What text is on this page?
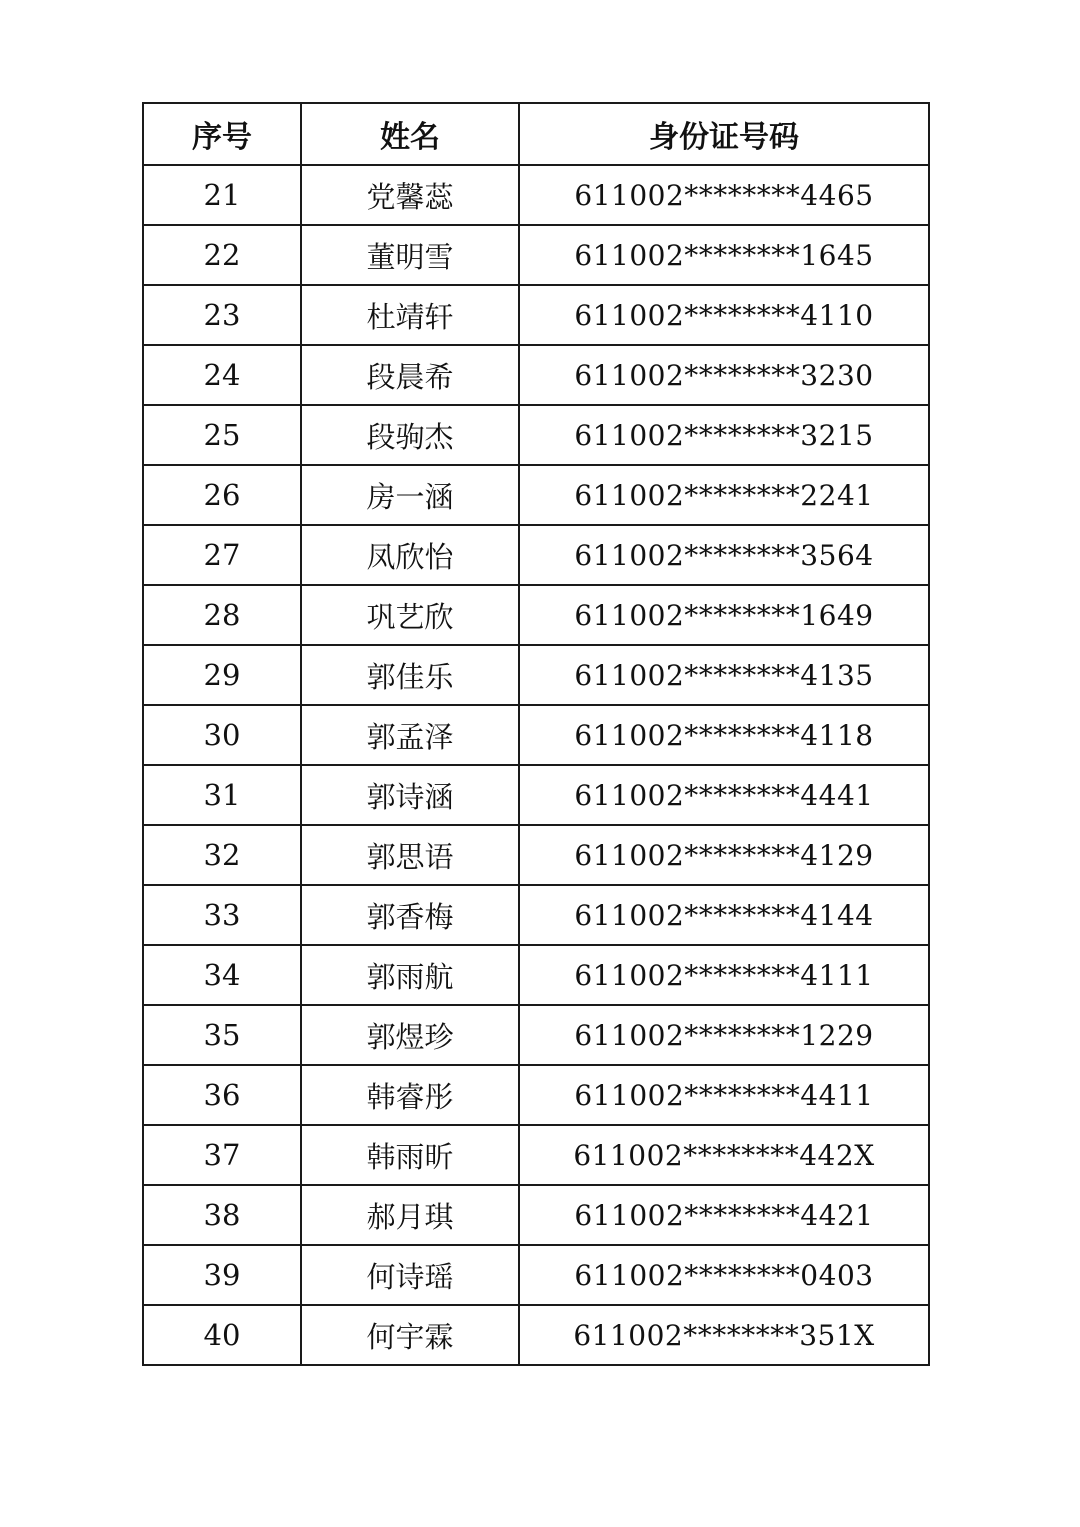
序号	姓名	身份证号码
21	党馨蕊	611002********4465
22	董明雪	611002********1645
23	杜靖轩	611002********4110
24	段晨希	611002********3230
25	段驹杰	611002********3215
26	房一涵	611002********2241
27	凤欣怡	611002********3564
28	巩艺欣	611002********1649
29	郭佳乐	611002********4135
30	郭孟泽	611002********4118
31	郭诗涵	611002********4441
32	郭思语	611002********4129
33	郭香梅	611002********4144
34	郭雨航	611002********4111
35	郭煜珍	611002********1229
36	韩睿彤	611002********4411
37	韩雨昕	611002********442X
38	郝月琪	611002********4421
39	何诗瑶	611002********0403
40	何宇霖	611002********351X
